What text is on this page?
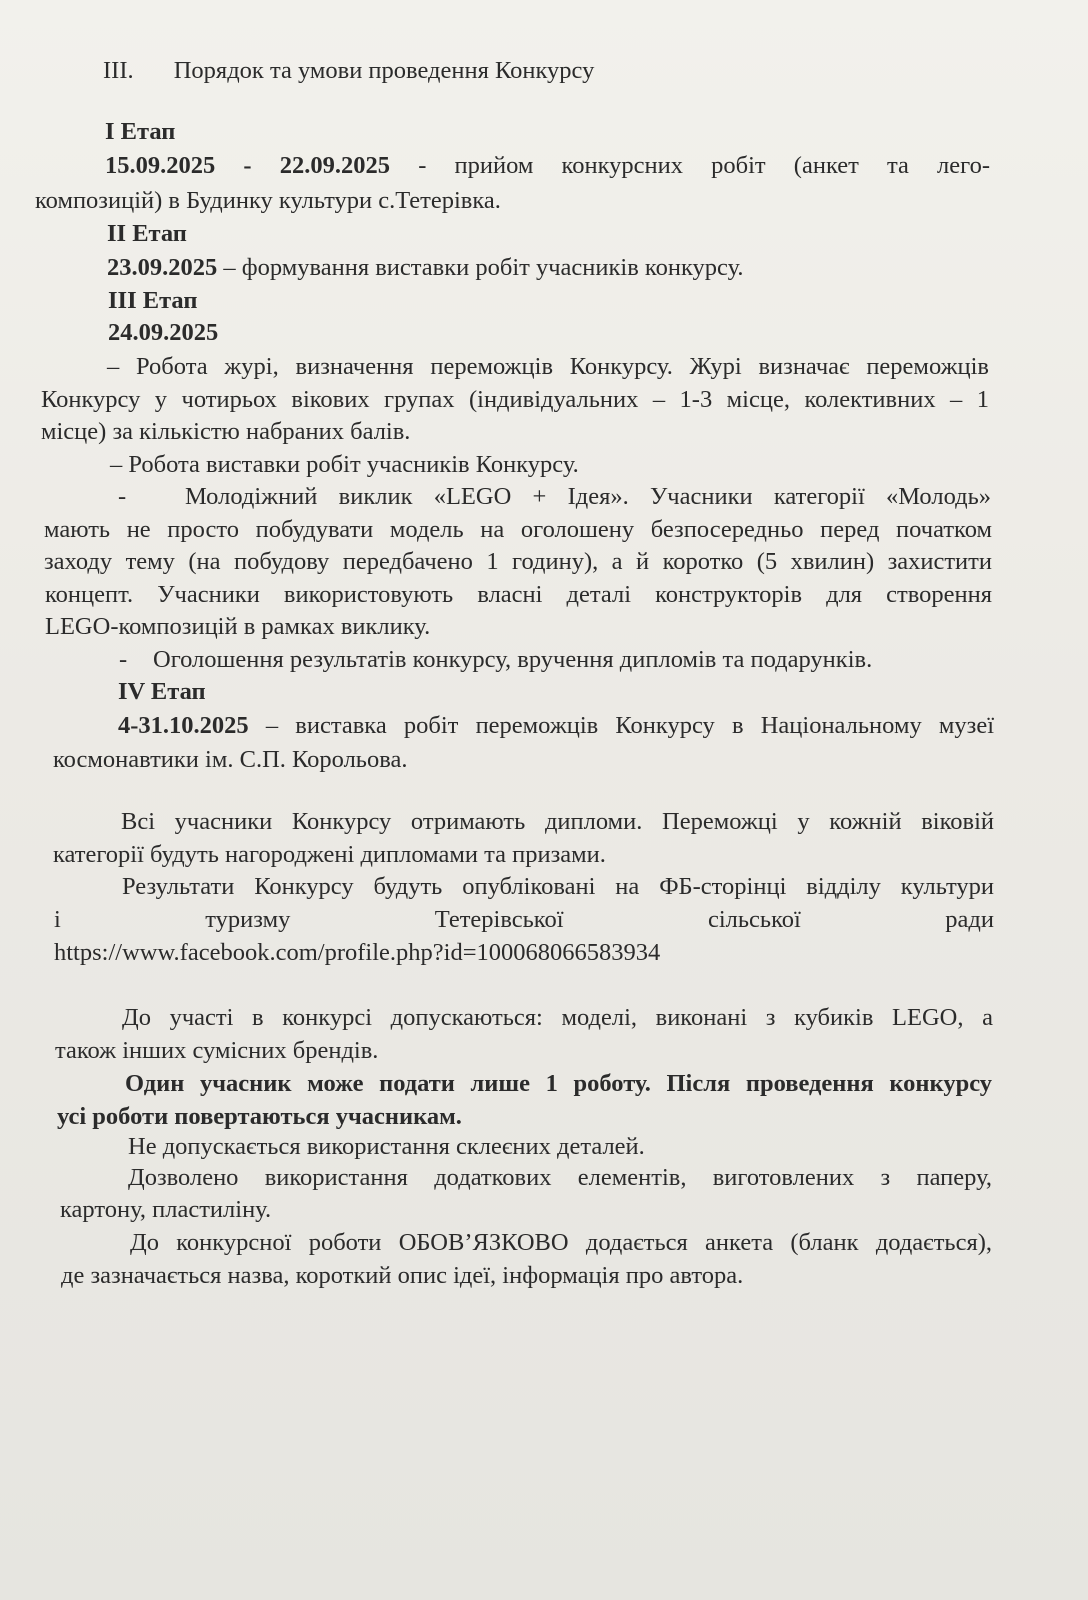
III. Порядок та умови проведення Конкурсу
I Етап
15.09.2025 - 22.09.2025 - прийом конкурсних робіт (анкет та лего-
композицій) в Будинку культури с.Тетерівка.
II Етап
23.09.2025 – формування виставки робіт учасників конкурсу.
III Етап
24.09.2025
– Робота журі, визначення переможців Конкурсу. Журі визначає переможців
Конкурсу у чотирьох вікових групах (індивідуальних – 1-3 місце, колективних – 1
місце) за кількістю набраних балів.
– Робота виставки робіт учасників Конкурсу.
- Молодіжний виклик «LEGO + Ідея». Учасники категорії «Молодь»
мають не просто побудувати модель на оголошену безпосередньо перед початком
заходу тему (на побудову передбачено 1 годину), а й коротко (5 хвилин) захистити
концепт. Учасники використовують власні деталі конструкторів для створення
LEGO-композицій в рамках виклику.
- Оголошення результатів конкурсу, вручення дипломів та подарунків.
IV Етап
4-31.10.2025 – виставка робіт переможців Конкурсу в Національному музеї
космонавтики ім. С.П. Корольова.
Всі учасники Конкурсу отримають дипломи. Переможці у кожній віковій
категорії будуть нагороджені дипломами та призами.
Результати Конкурсу будуть опубліковані на ФБ-сторінці відділу культури
і	туризму	Тетерівської	сільської	ради
https://www.facebook.com/profile.php?id=100068066583934
До участі в конкурсі допускаються: моделі, виконані з кубиків LEGO, а
також інших сумісних брендів.
Один учасник може подати лише 1 роботу. Після проведення конкурсу
усі роботи повертаються учасникам.
Не допускається використання склеєних деталей.
Дозволено використання додаткових елементів, виготовлених з паперу,
картону, пластиліну.
До конкурсної роботи ОБОВ’ЯЗКОВО додається анкета (бланк додається),
де зазначається назва, короткий опис ідеї, інформація про автора.
